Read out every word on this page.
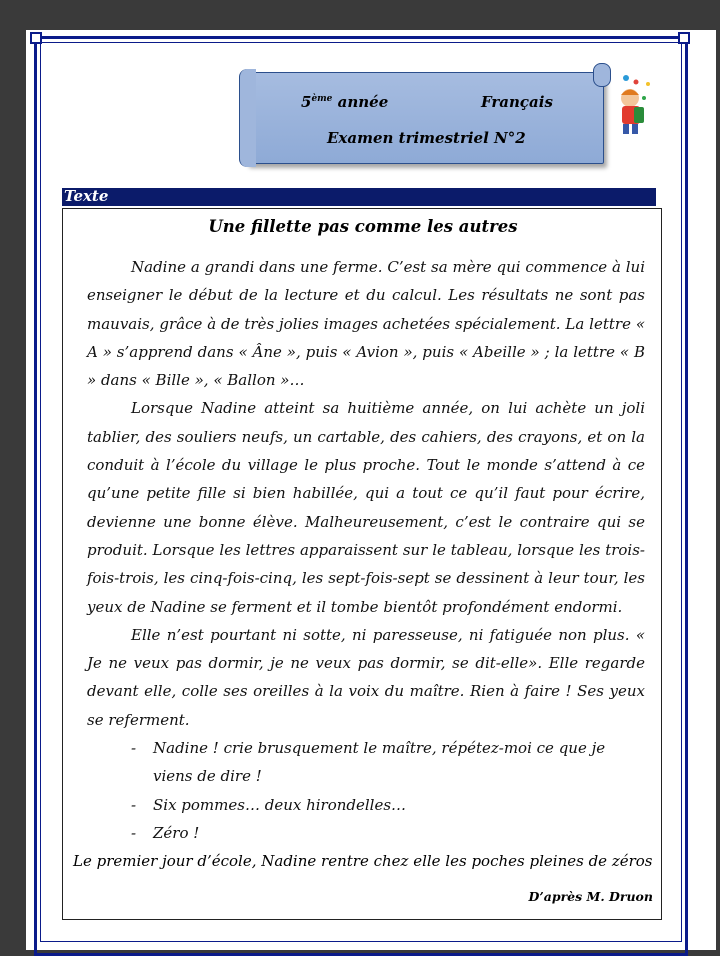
5ème année	Français
Examen trimestriel N°2
Texte
Une fillette pas comme les autres

Nadine a grandi dans une ferme. C’est sa mère qui commence à lui enseigner le début de la lecture et du calcul. Les résultats ne sont pas mauvais, grâce à de très jolies images achetées spécialement. La lettre « A » s’apprend dans « Âne », puis « Avion », puis « Abeille » ; la lettre « B » dans « Bille », « Ballon »…

Lorsque Nadine atteint sa huitième année, on lui achète un joli tablier, des souliers neufs, un cartable, des cahiers, des crayons, et on la conduit à l’école du village le plus proche. Tout le monde s’attend à ce qu’une petite fille si bien habillée, qui a tout ce qu’il faut pour écrire, devienne une bonne élève. Malheureusement, c’est le contraire qui se produit. Lorsque les lettres apparaissent sur le tableau, lorsque les trois-fois-trois, les cinq-fois-cinq, les sept-fois-sept se dessinent à leur tour, les yeux de Nadine se ferment et il tombe bientôt profondément endormi.

Elle n’est pourtant ni sotte, ni paresseuse, ni fatiguée non plus. « Je ne veux pas dormir, je ne veux pas dormir, se dit-elle». Elle regarde devant elle, colle ses oreilles à la voix du maître. Rien à faire ! Ses yeux se referment.

- Nadine ! crie brusquement le maître, répétez-moi ce que je viens de dire !
- Six pommes… deux hirondelles…
- Zéro !
Le premier jour d’école, Nadine rentre chez elle les poches pleines de zéros
D’après M. Druon
